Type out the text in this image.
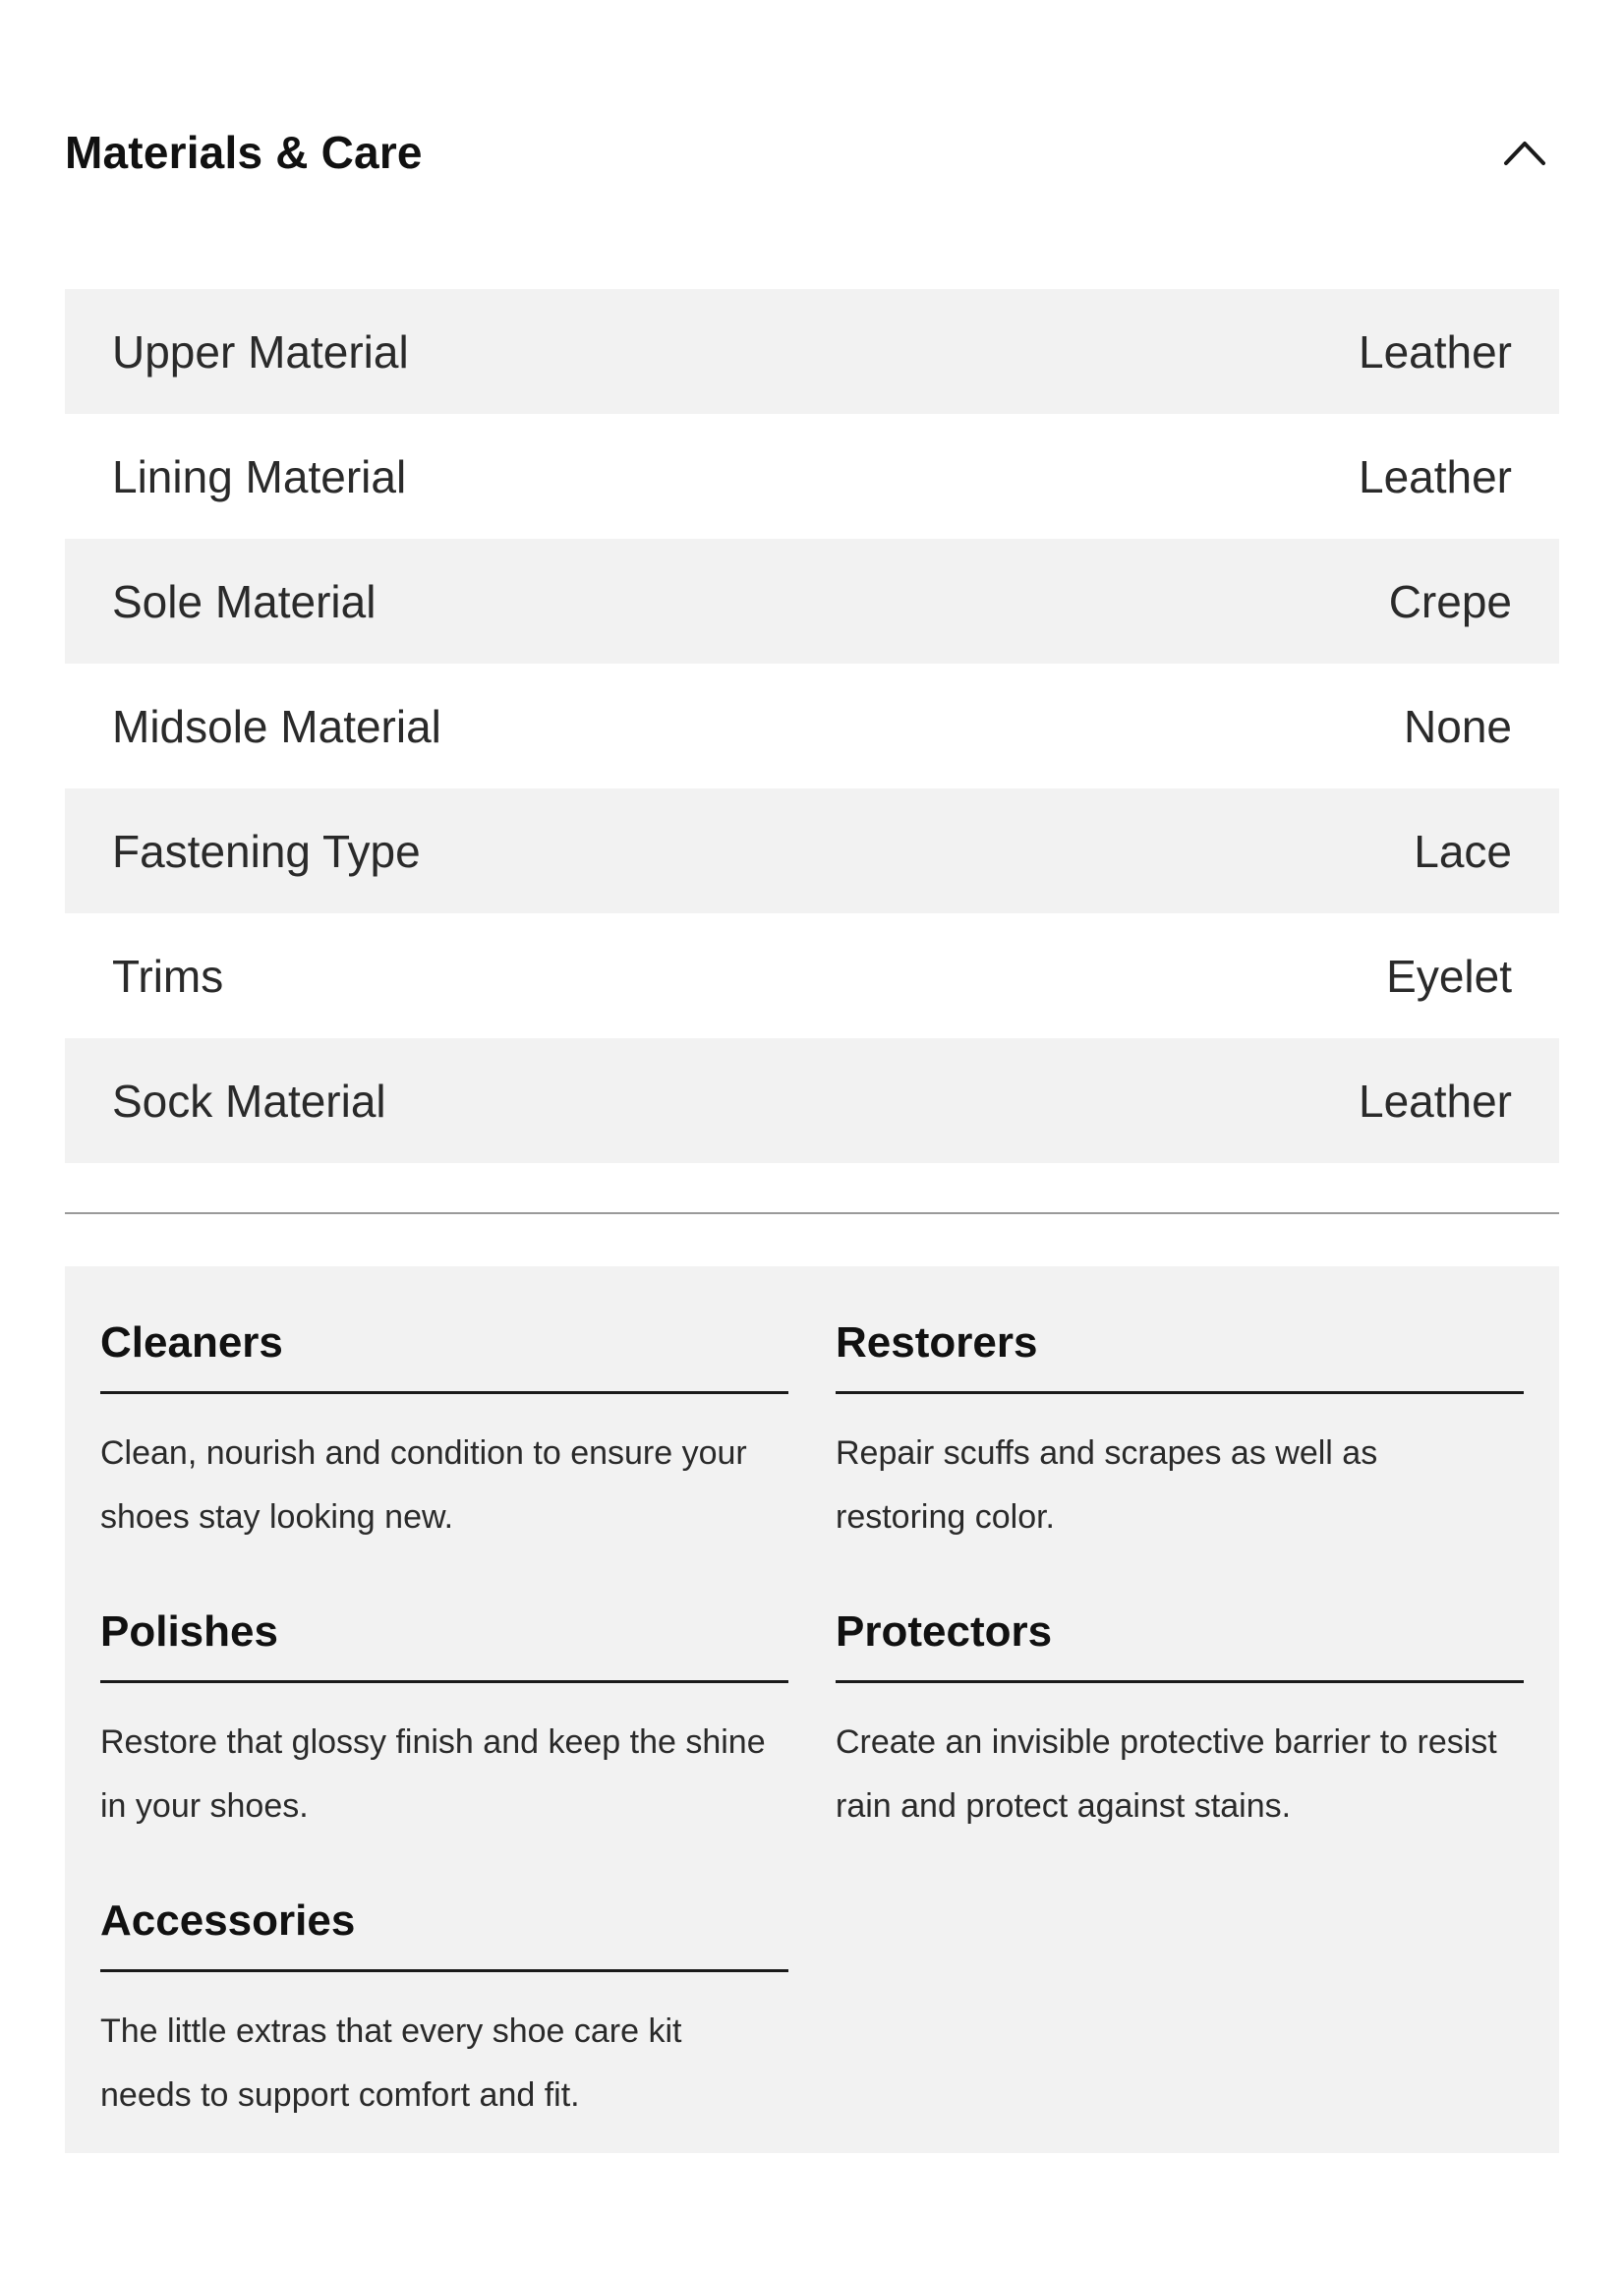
Materials & Care
Upper Material	Leather
Lining Material	Leather
Sole Material	Crepe
Midsole Material	None
Fastening Type	Lace
Trims	Eyelet
Sock Material	Leather
Cleaners
Clean, nourish and condition to ensure your shoes stay looking new.
Restorers
Repair scuffs and scrapes as well as restoring color.
Polishes
Restore that glossy finish and keep the shine in your shoes.
Protectors
Create an invisible protective barrier to resist rain and protect against stains.
Accessories
The little extras that every shoe care kit needs to support comfort and fit.
